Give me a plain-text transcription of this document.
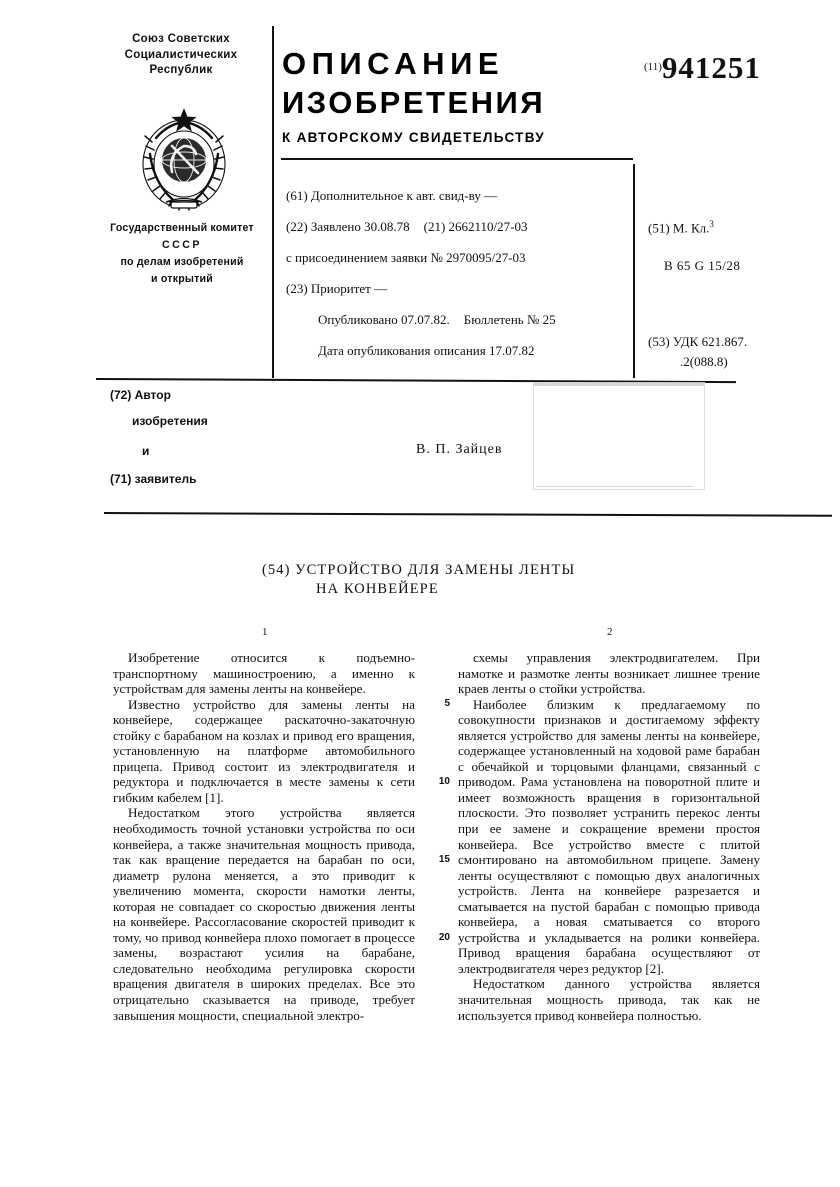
Союз Советских
Социалистических
Республик
Государственный комитет
СССР
по делам изобретений
и открытий
ОПИСАНИЕ
ИЗОБРЕТЕНИЯ
К АВТОРСКОМУ СВИДЕТЕЛЬСТВУ
$^{(11)}$941251
(61) Дополнительное к авт. свид-ву —
(22) Заявлено 30.08.78 (21) 2662110/27-03
с присоединением заявки № 2970095/27-03
(23) Приоритет —
Опубликовано 07.07.82. Бюллетень № 25
Дата опубликования описания 17.07.82
(51) М. Кл.$^3$
B 65 G 15/28
(53) УДК 621.867.
.2(088.8)
(72) Автор
изобретения
и
(71) заявитель
В. П. Зайцев
(54) УСТРОЙСТВО ДЛЯ ЗАМЕНЫ ЛЕНТЫ
НА КОНВЕЙЕРЕ
1	2
5
10
15
20

Изобретение относится к подъемно-транспортному машиностроению, а именно к устройствам для замены ленты на конвейере.

Известно устройство для замены ленты на конвейере, содержащее раскаточно-закаточную стойку с барабаном на козлах и привод его вращения, установленную на платформе автомобильного прицепа. Привод состоит из электродвигателя и редуктора и подключается в месте замены к сети гибким кабелем [1].

Недостатком этого устройства является необходимость точной установки устройства по оси конвейера, а также значительная мощность привода, так как вращение передается на барабан по оси, диаметр рулона меняется, а это приводит к увеличению момента, скорости намотки ленты, которая не совпадает со скоростью движения ленты на конвейере. Рассогласование скоростей приводит к тому, чо привод конвейера плохо помогает в процессе замены, возрастают усилия на барабане, следовательно необходима регулировка скорости вращения двигателя в широких пределах. Все это отрицательно сказывается на приводе, требует завышения мощности, специальной электро-

схемы управления электродвигателем. При намотке и размотке ленты возникает лишнее трение краев ленты о стойки устройства.

Наиболее близким к предлагаемому по совокупности признаков и достигаемому эффекту является устройство для замены ленты на конвейере, содержащее установленный на ходовой раме барабан с обечайкой и торцовыми фланцами, связанный с приводом. Рама установлена на поворотной плите и имеет возможность вращения в горизонтальной плоскости. Это позволяет устранить перекос ленты при ее замене и сокращение времени простоя конвейера. Все устройство вместе с плитой смонтировано на автомобильном прицепе. Замену ленты осуществляют с помощью двух аналогичных устройств. Лента на конвейере разрезается и сматывается на пустой барабан с помощью привода конвейера, а новая сматывается со второго устройства и укладывается на ролики конвейера. Привод вращения барабана осуществляют от электродвигателя через редуктор [2].

Недостатком данного устройства является значительная мощность привода, так как не используется привод конвейера полностью.
